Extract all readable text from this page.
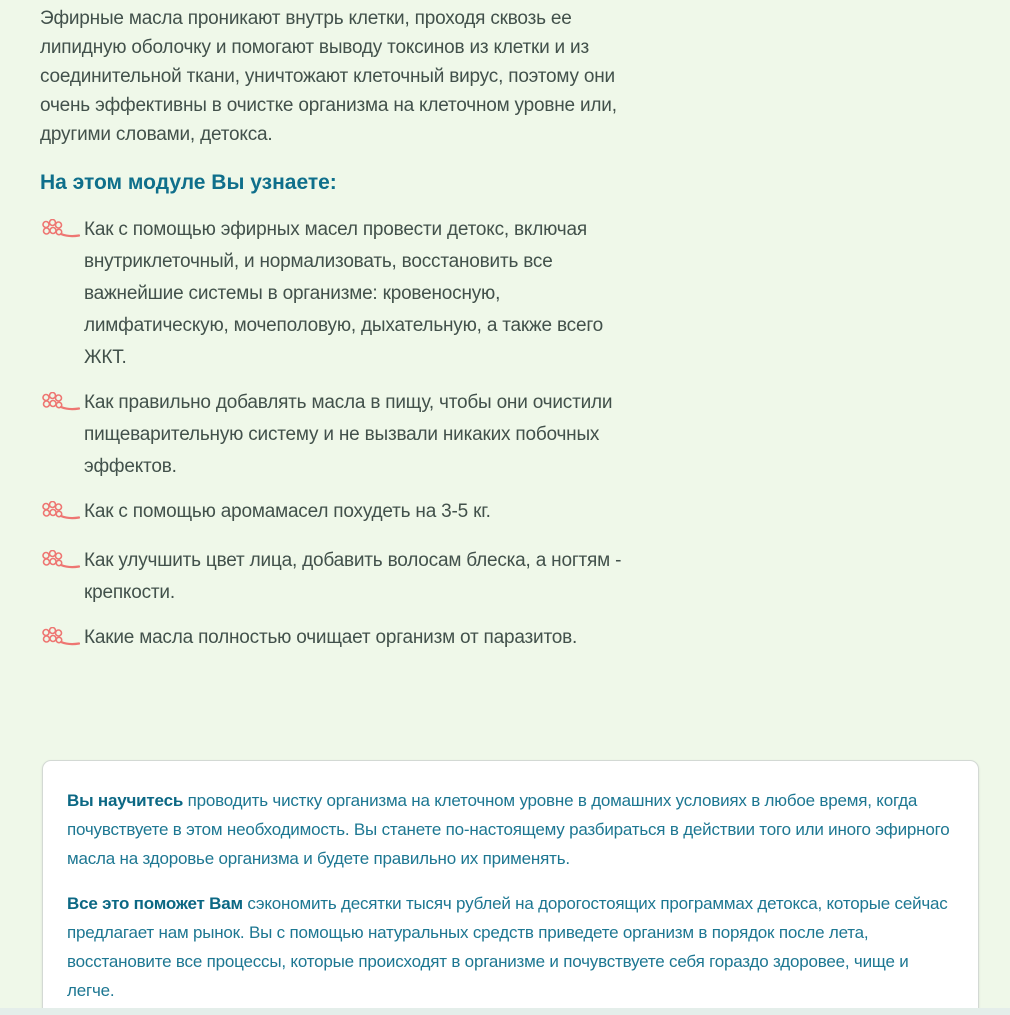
Эфирные масла проникают внутрь клетки, проходя сквозь ее липидную оболочку и помогают выводу токсинов из клетки и из соединительной ткани, уничтожают клеточный вирус, поэтому они очень эффективны в очистке организма на клеточном уровне или, другими словами, детокса.

На этом модуле Вы узнаете:
Как с помощью эфирных масел провести детокс, включая внутриклеточный, и нормализовать, восстановить все важнейшие системы в организме: кровеносную, лимфатическую, мочеполовую, дыхательную, а также всего ЖКТ.
Как правильно добавлять масла в пищу, чтобы они очистили пищеварительную систему и не вызвали никаких побочных эффектов.
Как с помощью аромамасел похудеть на 3-5 кг.
Как улучшить цвет лица, добавить волосам блеска, а ногтям - крепкости.
Какие масла полностью очищает организм от паразитов.

Вы научитесь проводить чистку организма на клеточном уровне в домашних условиях в любое время, когда почувствуете в этом необходимость. Вы станете по-настоящему разбираться в действии того или иного эфирного масла на здоровье организма и будете правильно их применять.

Все это поможет Вам сэкономить десятки тысяч рублей на дорогостоящих программах детокса, которые сейчас предлагает нам рынок. Вы с помощью натуральных средств приведете организм в порядок после лета, восстановите все процессы, которые происходят в организме и почувствуете себя гораздо здоровее, чище и легче.
